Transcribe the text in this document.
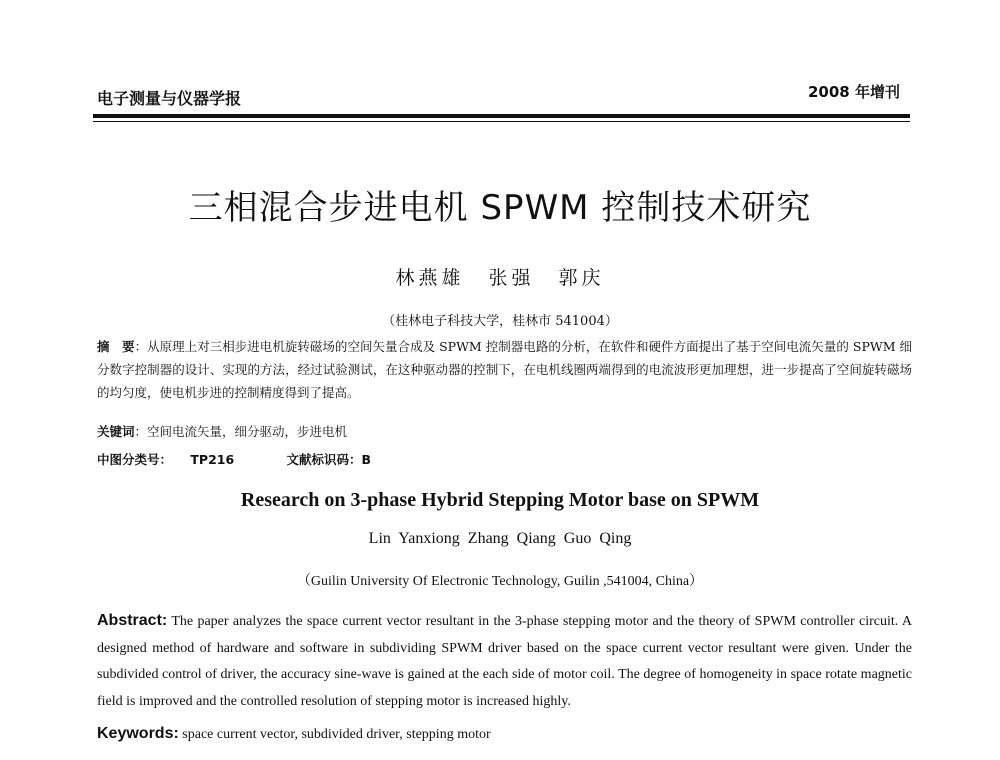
电子测量与仪器学报	2008 年增刊
三相混合步进电机 SPWM 控制技术研究
林燕雄 张强 郭庆
（桂林电子科技大学，桂林市 541004）
摘　要：从原理上对三相步进电机旋转磁场的空间矢量合成及 SPWM 控制器电路的分析，在软件和硬件方面提出了基于空间电流矢量的 SPWM 细分数字控制器的设计、实现的方法，经过试验测试，在这种驱动器的控制下，在电机线圈两端得到的电流波形更加理想，进一步提高了空间旋转磁场的均匀度，使电机步进的控制精度得到了提高。
关键词：空间电流矢量，细分驱动，步进电机
中图分类号： TP216	文献标识码：B
Research on 3-phase Hybrid Stepping Motor base on SPWM
Lin Yanxiong Zhang Qiang Guo Qing
（Guilin University Of Electronic Technology, Guilin ,541004, China）
Abstract: The paper analyzes the space current vector resultant in the 3-phase stepping motor and the theory of SPWM controller circuit. A designed method of hardware and software in subdividing SPWM driver based on the space current vector resultant were given. Under the subdivided control of driver, the accuracy sine-wave is gained at the each side of motor coil. The degree of homogeneity in space rotate magnetic field is improved and the controlled resolution of stepping motor is increased highly.
Keywords: space current vector, subdivided driver, stepping motor
